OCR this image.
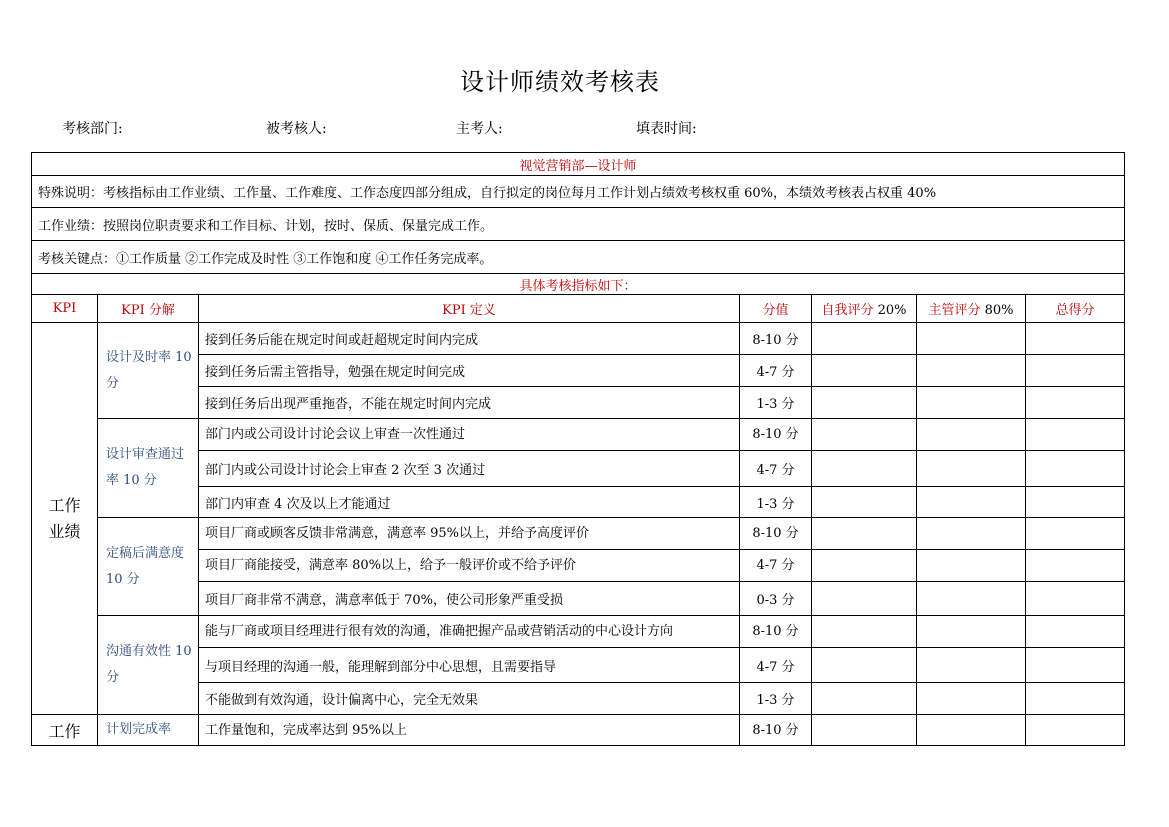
设计师绩效考核表
考核部门:	被考核人:	主考人:	填表时间:
视觉营销部—设计师						
特殊说明：考核指标由工作业绩、工作量、工作难度、工作态度四部分组成，自行拟定的岗位每月工作计划占绩效考核权重 60%，本绩效考核表占权重 40%						
工作业绩：按照岗位职责要求和工作目标、计划，按时、保质、保量完成工作。						
考核关键点：①工作质量 ②工作完成及时性 ③工作饱和度 ④工作任务完成率。						
具体考核指标如下：						
KPI	KPI 分解	KPI 定义	分值	自我评分 20%	主管评分 80%	总得分
工作业绩	设计及时率 10 分	接到任务后能在规定时间或赶超规定时间内完成	8-10 分			
		接到任务后需主管指导，勉强在规定时间完成	4-7 分			
		接到任务后出现严重拖沓，不能在规定时间内完成	1-3 分			
	设计审查通过率 10 分	部门内或公司设计讨论会议上审查一次性通过	8-10 分			
		部门内或公司设计讨论会上审查 2 次至 3 次通过	4-7 分			
		部门内审查 4 次及以上才能通过	1-3 分			
	定稿后满意度 10 分	项目厂商或顾客反馈非常满意，满意率 95%以上，并给予高度评价	8-10 分			
		项目厂商能接受，满意率 80%以上，给予一般评价或不给予评价	4-7 分			
		项目厂商非常不满意，满意率低于 70%，使公司形象严重受损	0-3 分			
	沟通有效性 10 分	能与厂商或项目经理进行很有效的沟通，准确把握产品或营销活动的中心设计方向	8-10 分			
		与项目经理的沟通一般，能理解到部分中心思想，且需要指导	4-7 分			
		不能做到有效沟通，设计偏离中心，完全无效果	1-3 分			
工作	计划完成率	工作量饱和，完成率达到 95%以上	8-10 分			
